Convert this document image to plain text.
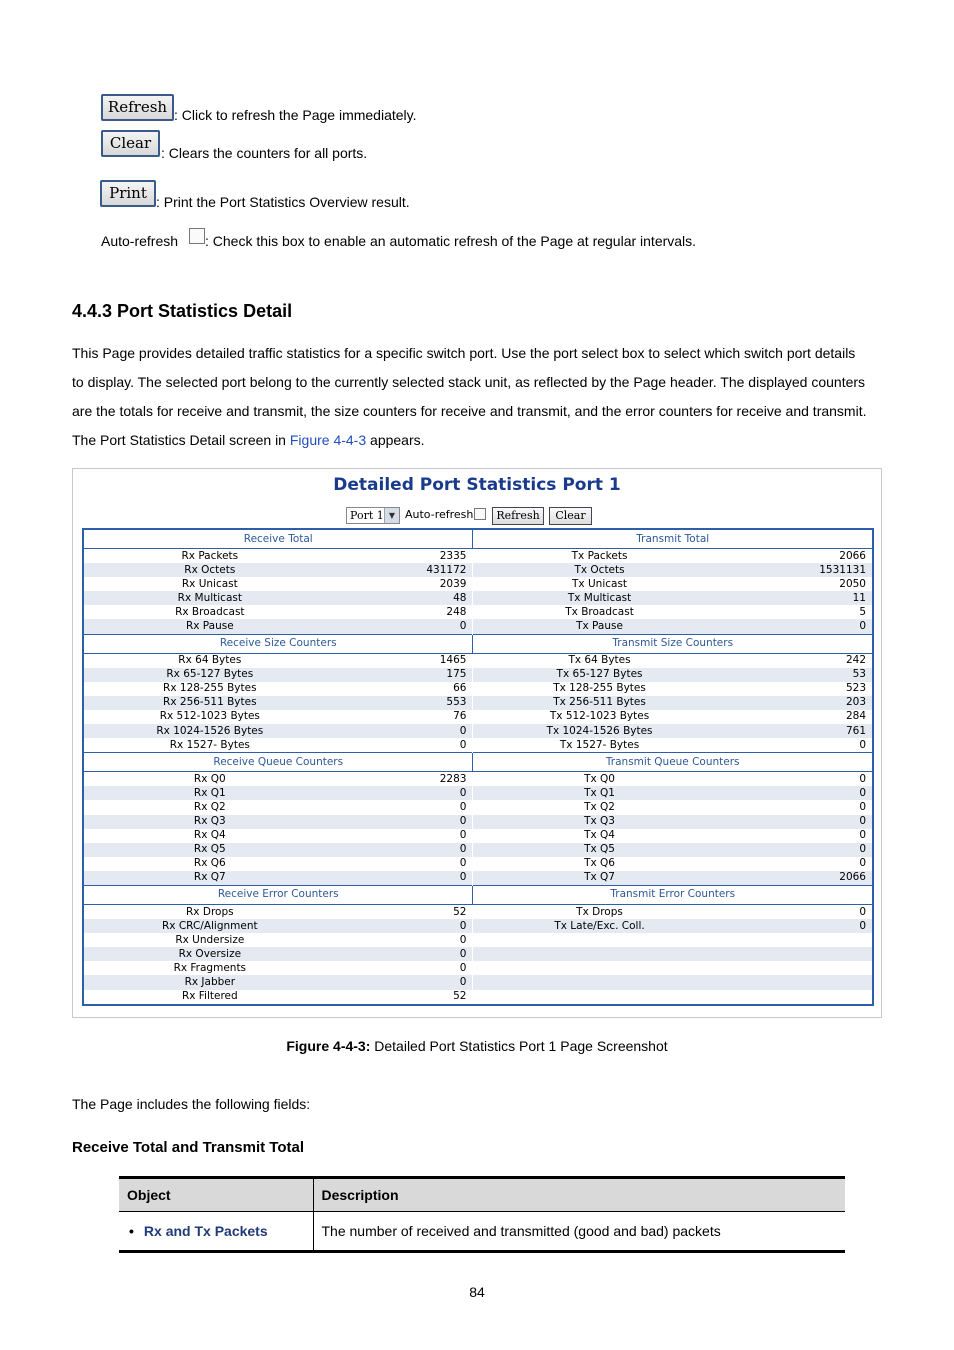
Refresh : Click to refresh the Page immediately.
Clear
: Clears the counters for all ports.
Print : Print the Port Statistics Overview result.
Auto-refresh : Check this box to enable an automatic refresh of the Page at regular intervals.
4.4.3 Port Statistics Detail
This Page provides detailed traffic statistics for a specific switch port. Use the port select box to select which switch port details
to display. The selected port belong to the currently selected stack unit, as reflected by the Page header. The displayed counters
are the totals for receive and transmit, the size counters for receive and transmit, and the error counters for receive and transmit.
The Port Statistics Detail screen in Figure 4-4-3 appears.
Detailed Port Statistics Port 1
Port 1 ▼ Auto-refresh	Refresh	Clear
Receive Total		Transmit Total	
Rx Packets	2335	Tx Packets	2066
Rx Octets	431172	Tx Octets	1531131
Rx Unicast	2039	Tx Unicast	2050
Rx Multicast	48	Tx Multicast	11
Rx Broadcast	248	Tx Broadcast	5
Rx Pause	0	Tx Pause	0
Receive Size Counters		Transmit Size Counters	
Rx 64 Bytes	1465	Tx 64 Bytes	242
Rx 65-127 Bytes	175	Tx 65-127 Bytes	53
Rx 128-255 Bytes	66	Tx 128-255 Bytes	523
Rx 256-511 Bytes	553	Tx 256-511 Bytes	203
Rx 512-1023 Bytes	76	Tx 512-1023 Bytes	284
Rx 1024-1526 Bytes	0	Tx 1024-1526 Bytes	761
Rx 1527- Bytes	0	Tx 1527- Bytes	0
Receive Queue Counters		Transmit Queue Counters	
Rx Q0	2283	Tx Q0	0
Rx Q1	0	Tx Q1	0
Rx Q2	0	Tx Q2	0
Rx Q3	0	Tx Q3	0
Rx Q4	0	Tx Q4	0
Rx Q5	0	Tx Q5	0
Rx Q6	0	Tx Q6	0
Rx Q7	0	Tx Q7	2066
Receive Error Counters		Transmit Error Counters	
Rx Drops	52	Tx Drops	0
Rx CRC/Alignment	0	Tx Late/Exc. Coll.	0
Rx Undersize	0		
Rx Oversize	0		
Rx Fragments	0		
Rx Jabber	0		
Rx Filtered	52		
Figure 4-4-3: Detailed Port Statistics Port 1 Page Screenshot
The Page includes the following fields:
Receive Total and Transmit Total
Object	Description
• Rx and Tx Packets	The number of received and transmitted (good and bad) packets
84
